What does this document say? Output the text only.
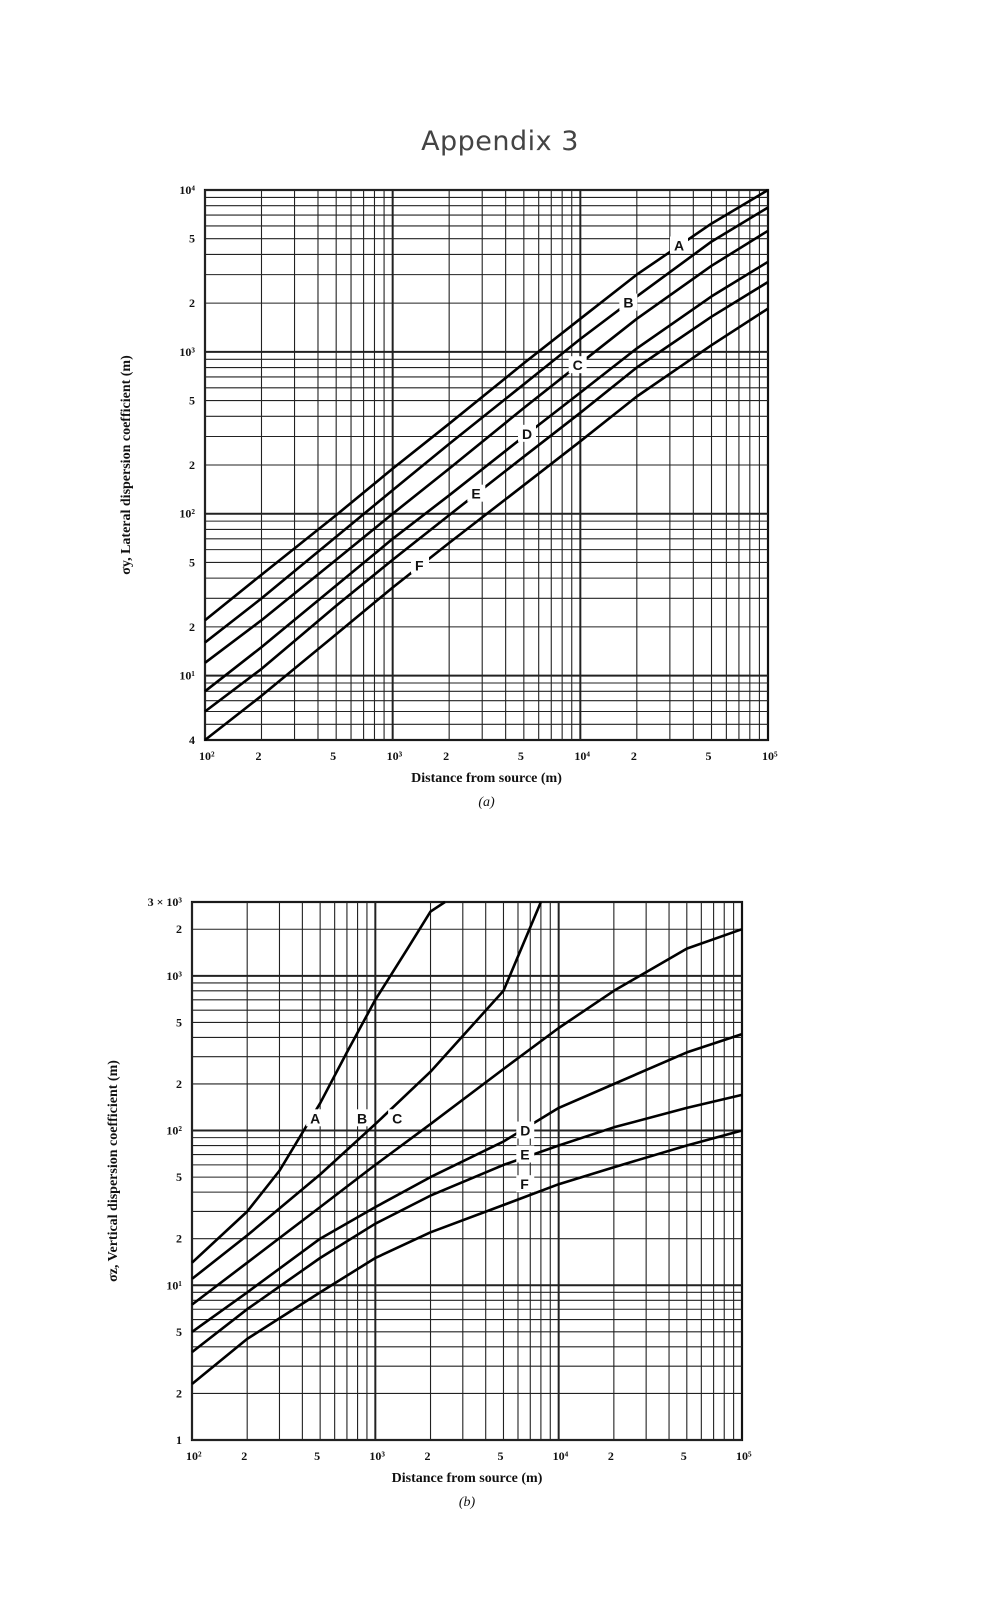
Appendix 3
A
B
C
D
E
F
10²	2	5	10³	2	5	10⁴	2	5	10⁵
4
10¹
2
5
10²
2
5
10³
2
5
10⁴
Distance from source (m)
σy, Lateral dispersion coefficient (m)
(a)
A	B C
D
E
F
10²	2	5	10³	2	5	10⁴	2	5	10⁵
1
2
5
10¹
2
5
10²
2
5
10³
2
3 × 10³
Distance from source (m)
σz, Vertical dispersion coefficient (m)
(b)
